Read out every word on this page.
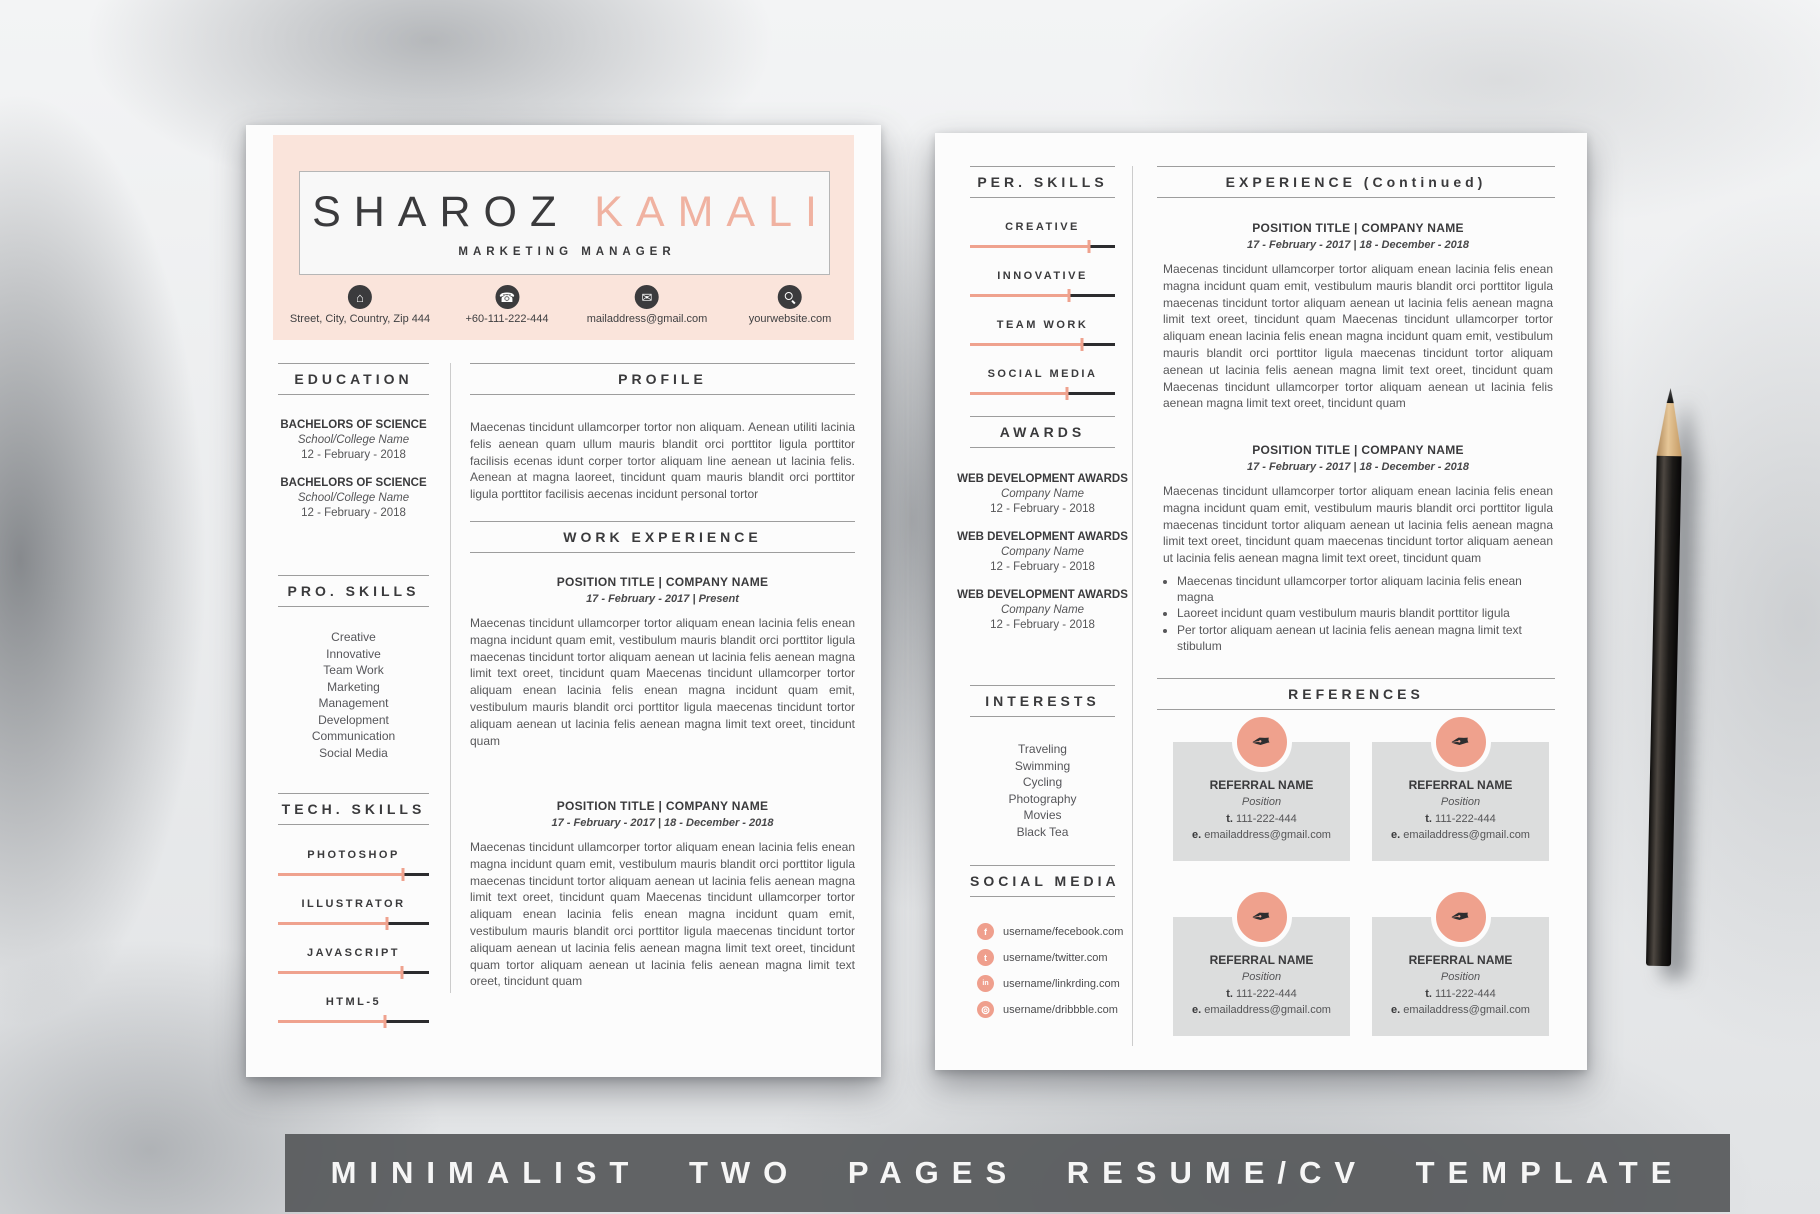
SHAROZ KAMALI
MARKETING MANAGER
⌂
Street, City, Country, Zip 444
☎
+60-111-222-444
✉
mailaddress@gmail.com	yourwebsite.com
EDUCATION
BACHELORS OF SCIENCE
School/College Name
12 - February - 2018
BACHELORS OF SCIENCE
School/College Name
12 - February - 2018
PRO. SKILLS
Creative
Innovative
Team Work
Marketing
Management
Development
Communication
Social Media
TECH. SKILLS
PHOTOSHOP
ILLUSTRATOR
JAVASCRIPT
HTML-5
PROFILE
Maecenas tincidunt ullamcorper tortor non aliquam. Aenean utiliti lacinia felis aenean quam ullum mauris blandit orci porttitor ligula porttitor facilisis ecenas idunt corper tortor aliquam line aenean ut lacinia felis. Aenean at magna laoreet, tincidunt quam mauris blandit orci porttitor ligula porttitor facilisis aecenas incidunt personal tortor
WORK EXPERIENCE
POSITION TITLE | COMPANY NAME
17 - February - 2017 | Present
Maecenas tincidunt ullamcorper tortor aliquam enean lacinia felis enean magna incidunt quam emit, vestibulum mauris blandit orci porttitor ligula maecenas tincidunt tortor aliquam aenean ut lacinia felis aenean magna limit text oreet, tincidunt quam Maecenas tincidunt ullamcorper tortor aliquam enean lacinia felis enean magna incidunt quam emit, vestibulum mauris blandit orci porttitor ligula maecenas tincidunt tortor aliquam aenean ut lacinia felis aenean magna limit text oreet, tincidunt quam
POSITION TITLE | COMPANY NAME
17 - February - 2017 | 18 - December - 2018
Maecenas tincidunt ullamcorper tortor aliquam enean lacinia felis enean magna incidunt quam emit, vestibulum mauris blandit orci porttitor ligula maecenas tincidunt tortor aliquam aenean ut lacinia felis aenean magna limit text oreet, tincidunt quam Maecenas tincidunt ullamcorper tortor aliquam enean lacinia felis enean magna incidunt quam emit, vestibulum mauris blandit orci porttitor ligula maecenas tincidunt tortor aliquam aenean ut lacinia felis aenean magna limit text oreet, tincidunt quam tortor aliquam aenean ut lacinia felis aenean magna limit text oreet, tincidunt quam
PER. SKILLS
CREATIVE
INNOVATIVE
TEAM WORK
SOCIAL MEDIA
AWARDS
WEB DEVELOPMENT AWARDS
Company Name
12 - February - 2018
WEB DEVELOPMENT AWARDS
Company Name
12 - February - 2018
WEB DEVELOPMENT AWARDS
Company Name
12 - February - 2018
INTERESTS
Traveling
Swimming
Cycling
Photography
Movies
Black Tea
SOCIAL MEDIA
f	username/fecebook.com
t	username/twitter.com
in	username/linkrding.com
⊚	username/dribbble.com
EXPERIENCE (Continued)
POSITION TITLE | COMPANY NAME
17 - February - 2017 | 18 - December - 2018
Maecenas tincidunt ullamcorper tortor aliquam enean lacinia felis enean magna incidunt quam emit, vestibulum mauris blandit orci porttitor ligula maecenas tincidunt tortor aliquam aenean ut lacinia felis aenean magna limit text oreet, tincidunt quam Maecenas tincidunt ullamcorper tortor aliquam enean lacinia felis enean magna incidunt quam emit, vestibulum mauris blandit orci porttitor ligula maecenas tincidunt tortor aliquam aenean ut lacinia felis aenean magna limit text oreet, tincidunt quam Maecenas tincidunt ullamcorper tortor aliquam aenean ut lacinia felis aenean magna limit text oreet, tincidunt quam
POSITION TITLE | COMPANY NAME
17 - February - 2017 | 18 - December - 2018
Maecenas tincidunt ullamcorper tortor aliquam enean lacinia felis enean magna incidunt quam emit, vestibulum mauris blandit orci porttitor ligula maecenas tincidunt tortor aliquam aenean ut lacinia felis aenean magna limit text oreet, tincidunt quam maecenas tincidunt tortor aliquam aenean ut lacinia felis aenean magna limit text oreet, tincidunt quam
• Maecenas tincidunt ullamcorper tortor aliquam lacinia felis enean magna
• Laoreet incidunt quam vestibulum mauris blandit porttitor ligula
• Per tortor aliquam aenean ut lacinia felis aenean magna limit text stibulum
REFERENCES
✒
REFERRAL NAME
Position
t. 111-222-444
e. emailaddress@gmail.com
✒
REFERRAL NAME
Position
t. 111-222-444
e. emailaddress@gmail.com
✒
REFERRAL NAME
Position
t. 111-222-444
e. emailaddress@gmail.com
✒
REFERRAL NAME
Position
t. 111-222-444
e. emailaddress@gmail.com
MINIMALIST TWO PAGES RESUME/CV TEMPLATE
